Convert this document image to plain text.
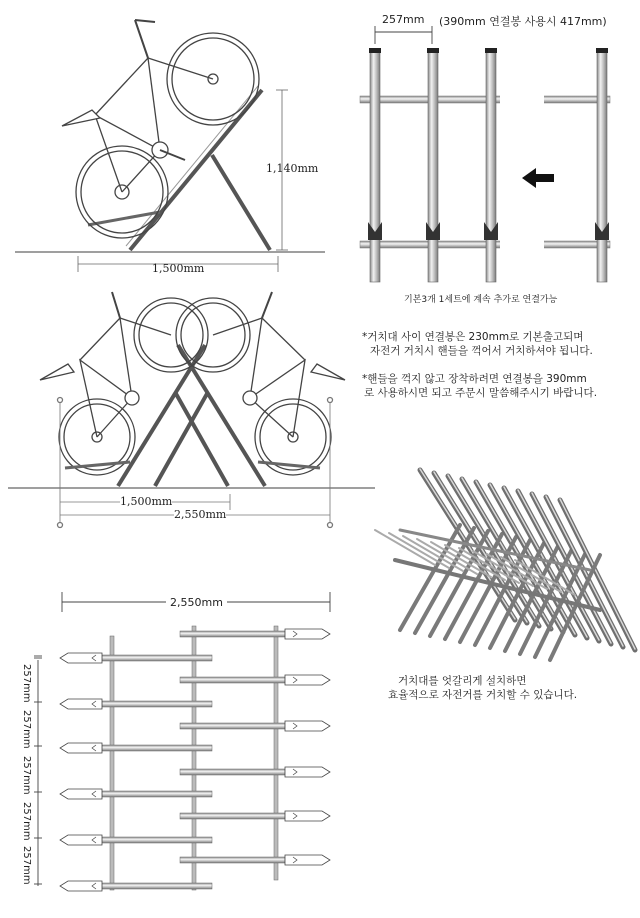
1,140mm
1,500mm
1,500mm
2,550mm
257mm (390mm 연결봉 사용시 417mm)
기본3개 1세트에 계속 추가로 연결가능
*거치대 사이 연결봉은 230mm로 기본출고되며
자전거 거치시 핸들을 꺽어서 거치하셔야 됩니다.
*핸들을 꺽지 않고 장착하려면 연결봉을 390mm
로 사용하시면 되고 주문시 말씀해주시기 바랍니다.
거치대를 엇갈리게 설치하면
효율적으로 자전거를 거치할 수 있습니다.
2,550mm
257mm
257mm
257mm
257mm
257mm
